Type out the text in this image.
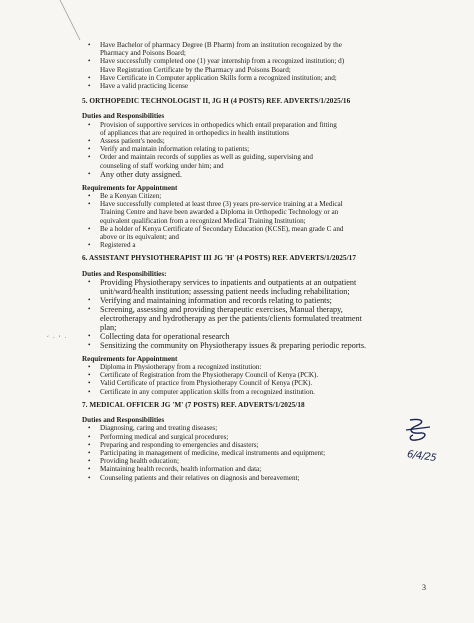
• Have Bachelor of pharmacy Degree (B Pharm) from an institution recognized by the
Pharmacy and Poisons Board;

• Have successfully completed one (1) year internship from a recognized institution; d)
Have Registration Certificate by the Pharmacy and Poisons Board;

• Have Certificate in Computer application Skills form a recognized institution; and;

• Have a valid practicing license

5. ORTHOPEDIC TECHNOLOGIST II, JG H (4 POSTS) REF. ADVERTS/1/2025/16
Duties and Responsibilities

• Provision of supportive services in orthopedics which entail preparation and fitting
of appliances that are required in orthopedics in health institutions

• Assess patient's needs;

• Verify and maintain information relating to patients;

• Order and maintain records of supplies as well as guiding, supervising and
counseling of staff working under him; and

• Any other duty assigned.

Requirements for Appointment

• Be a Kenyan Citizen;

• Have successfully completed at least three (3) years pre-service training at a Medical
Training Centre and have been awarded a Diploma in Orthopedic Technology or an
equivalent qualification from a recognized Medical Training Institution;

• Be a holder of Kenya Certificate of Secondary Education (KCSE), mean grade C and
above or its equivalent; and

• Registered a

6. ASSISTANT PHYSIOTHERAPIST III JG 'H' (4 POSTS) REF. ADVERTS/1/2025/17
Duties and Responsibilities:

• Providing Physiotherapy services to inpatients and outpatients at an outpatient
unit/ward/health institution; assessing patient needs including rehabilitation;

• Verifying and maintaining information and records relating to patients;

• Screening, assessing and providing therapeutic exercises, Manual therapy,
electrotherapy and hydrotherapy as per the patients/clients formulated treatment
plan;

• Collecting data for operational research

• Sensitizing the community on Physiotherapy issues & preparing periodic reports.

Requirements for Appointment

• Diploma in Physiotherapy from a recognized institution:

• Certificate of Registration from the Physiotherapy Council of Kenya (PCK).

• Valid Certificate of practice from Physiotherapy Council of Kenya (PCK).

• Certificate in any computer application skills from a recognized institution.

7. MEDICAL OFFICER JG 'M' (7 POSTS) REF. ADVERTS/1/2025/18
Duties and Responsibilities

• Diagnosing, caring and treating diseases;

• Performing medical and surgical procedures;

• Preparing and responding to emergencies and disasters;

• Participating in management of medicine, medical instruments and equipment;

• Providing health education;

• Maintaining health records, health information and data;

• Counseling patients and their relatives on diagnosis and bereavement;

‘ · ’ ·
6/4/25
3
